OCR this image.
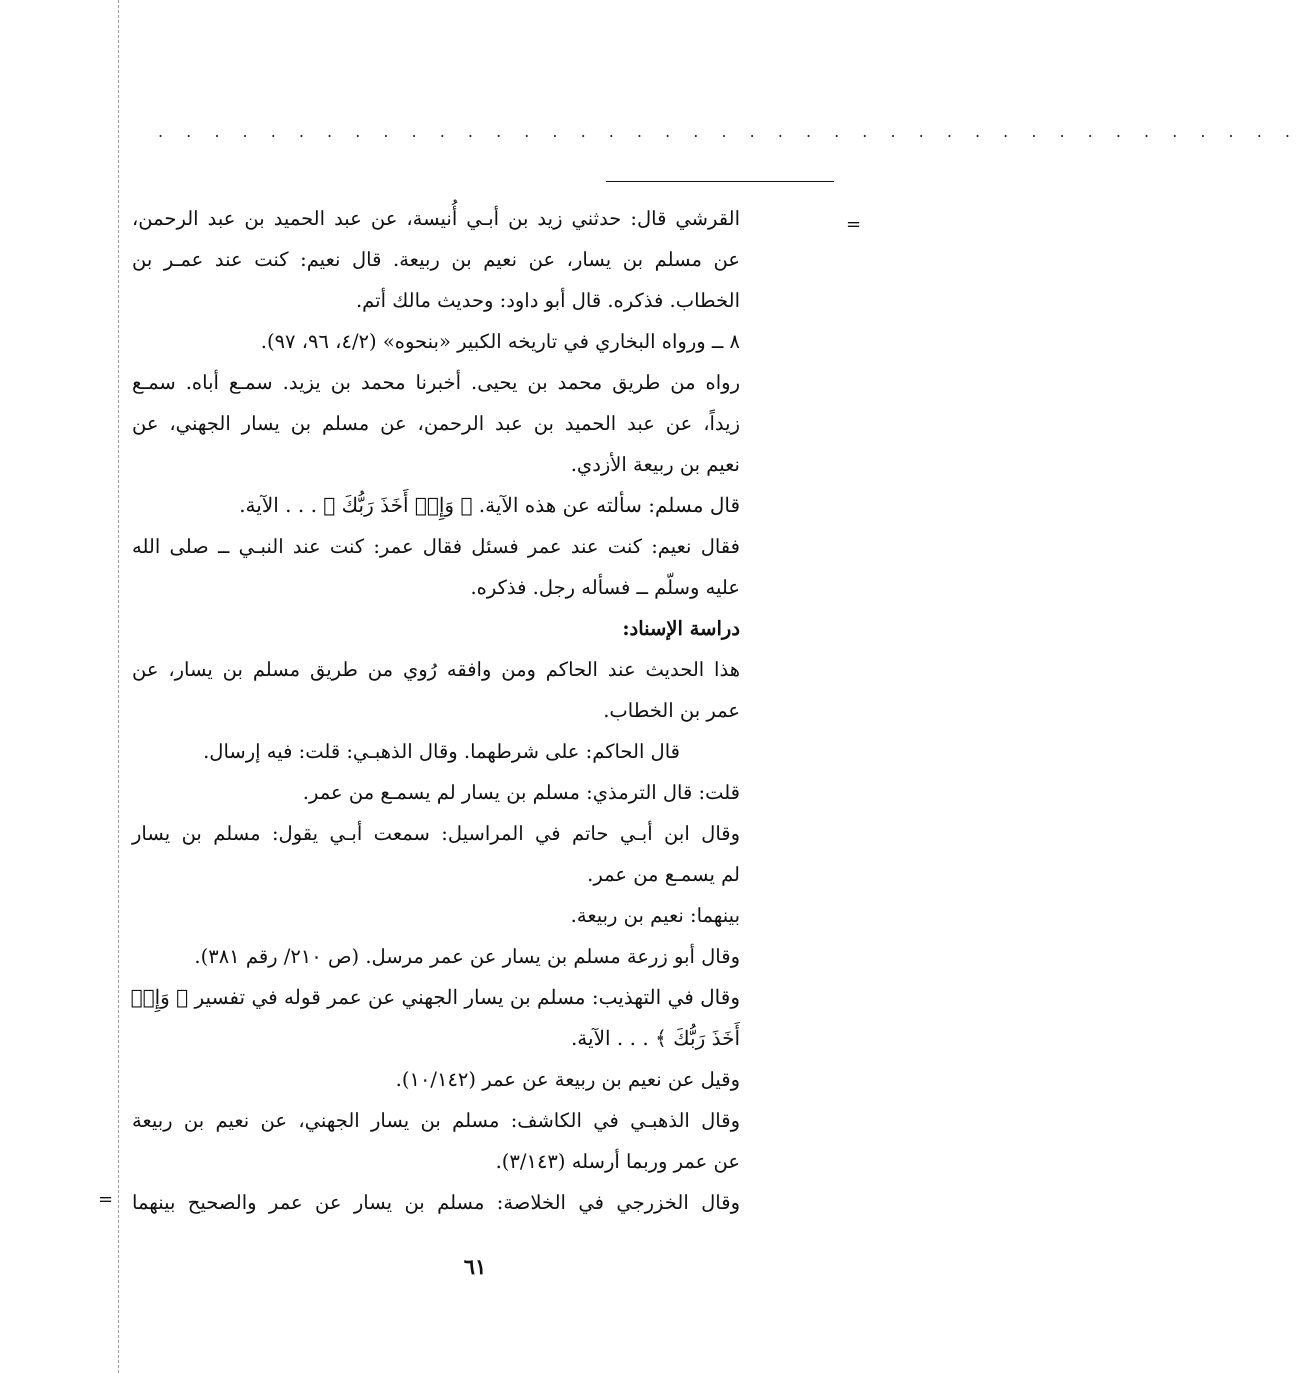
. . . . . . . . . . . . . . . . . . . . . . . . . . . . . . . . . . . . . . . . .
=
=
القرشي قال: حدثني زيد بن أبـي أُنيسة، عن عبد الحميد بن عبد الرحمن،
عن مسلم بن يسار، عن نعيم بن ربيعة. قال نعيم: كنت عند عمـر بن
الخطاب. فذكره. قال أبو داود: وحديث مالك أتم.
٨ ــ ورواه البخاري في تاريخه الكبير «بنحوه» (٤/٢، ٩٦، ٩٧).
رواه من طريق محمد بن يحيى. أخبرنا محمد بن يزيد. سمـع أباه. سمـع
زيداً، عن عبد الحميد بن عبد الرحمن، عن مسلم بن يسار الجهني، عن
نعيم بن ربيعة الأزدي.
قال مسلم: سألته عن هذه الآية. ﴿ وَإِذۡ أَخَذَ رَبُّكَ ﴾ . . . الآية.
فقال نعيم: كنت عند عمر فسئل فقال عمر: كنت عند النبـي ــ صلى الله
عليه وسلّم ــ فسأله رجل. فذكره.
دراسة الإسناد:
هذا الحديث عند الحاكم ومن وافقه رُوي من طريق مسلم بن يسار، عن
عمر بن الخطاب.
قال الحاكم: على شرطهما. وقال الذهبـي: قلت: فيه إرسال.
قلت: قال الترمذي: مسلم بن يسار لم يسمـع من عمر.
وقال ابن أبـي حاتم في المراسيل: سمعت أبـي يقول: مسلم بن يسار
لم يسمـع من عمر.
بينهما: نعيم بن ربيعة.
وقال أبو زرعة مسلم بن يسار عن عمر مرسل. (ص ٢١٠/ رقم ٣٨١).
وقال في التهذيب: مسلم بن يسار الجهني عن عمر قوله في تفسير ﴿ وَإِذۡ
أَخَذَ رَبُّكَ ﴾ . . . الآية.
وقيل عن نعيم بن ربيعة عن عمر (١٠/١٤٢).
وقال الذهبـي في الكاشف: مسلم بن يسار الجهني، عن نعيم بن ربيعة
عن عمر وربما أرسله (٣/١٤٣).
وقال الخزرجي في الخلاصة: مسلم بن يسار عن عمر والصحيح بينهما
٦١
